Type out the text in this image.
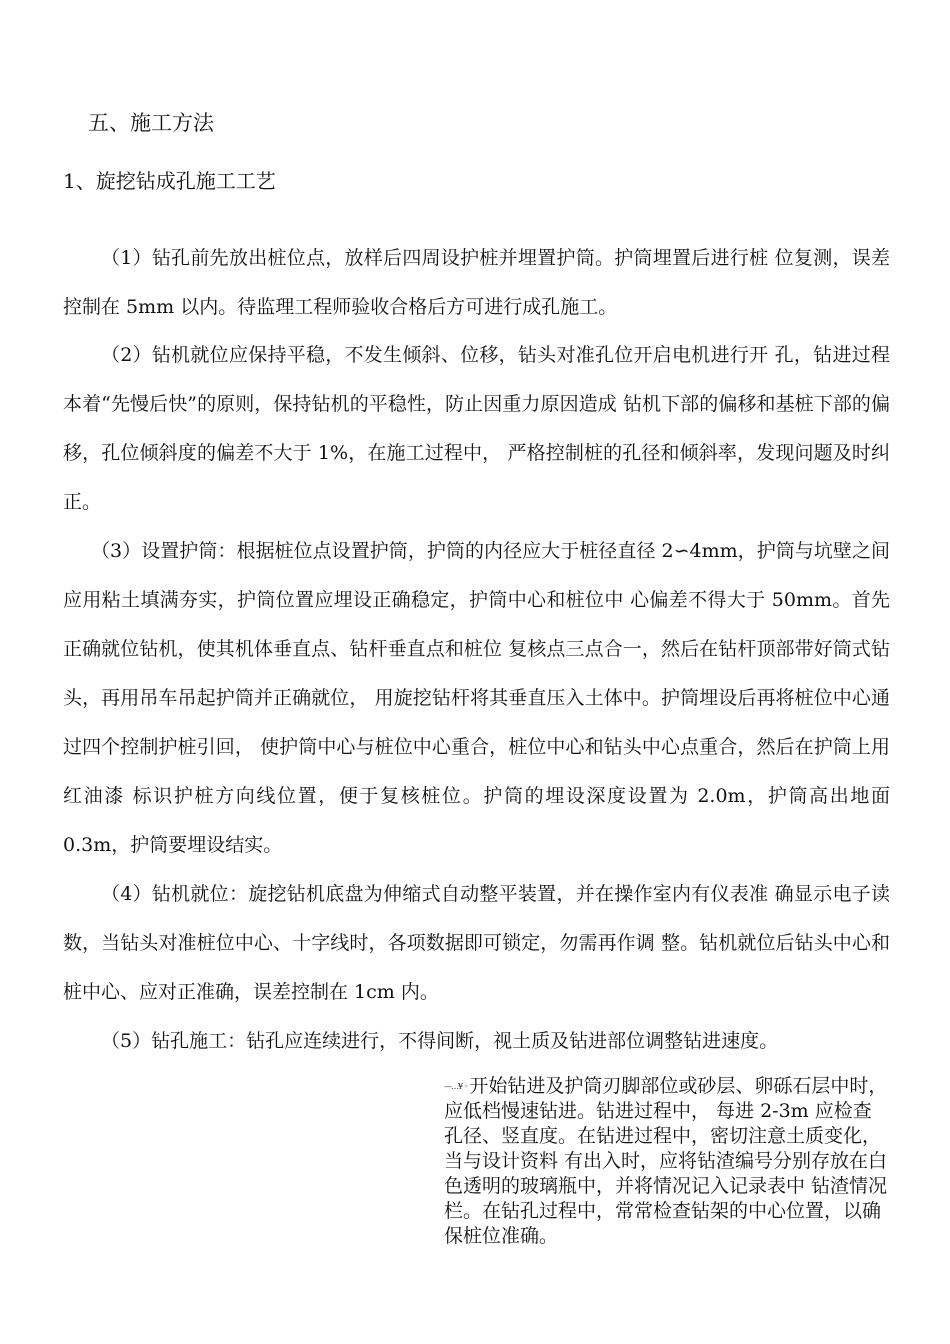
五、施工方法
1、旋挖钻成孔施工工艺

（1）钻孔前先放出桩位点，放样后四周设护桩并埋置护筒。护筒埋置后进行桩 位复测，误差控制在 5mm 以内。待监理工程师验收合格后方可进行成孔施工。

（2）钻机就位应保持平稳，不发生倾斜、位移，钻头对准孔位开启电机进行开 孔，钻进过程本着“先慢后快”的原则，保持钻机的平稳性，防止因重力原因造成 钻机下部的偏移和基桩下部的偏移，孔位倾斜度的偏差不大于 1%，在施工过程中， 严格控制桩的孔径和倾斜率，发现问题及时纠正。

（3）设置护筒：根据桩位点设置护筒，护筒的内径应大于桩径直径 2∽4mm，护筒与坑壁之间应用粘土填满夯实，护筒位置应埋设正确稳定，护筒中心和桩位中 心偏差不得大于 50mm。首先正确就位钻机，使其机体垂直点、钻杆垂直点和桩位 复核点三点合一，然后在钻杆顶部带好筒式钻头，再用吊车吊起护筒并正确就位， 用旋挖钻杆将其垂直压入土体中。护筒埋设后再将桩位中心通过四个控制护桩引回， 使护筒中心与桩位中心重合，桩位中心和钻头中心点重合，然后在护筒上用红油漆 标识护桩方向线位置，便于复核桩位。护筒的埋设深度设置为 2.0m，护筒高出地面 0.3m，护筒要埋设结实。

（4）钻机就位：旋挖钻机底盘为伸缩式自动整平装置，并在操作室内有仪表准 确显示电子读数，当钻头对准桩位中心、十字线时，各项数据即可锁定，勿需再作调 整。钻机就位后钻头中心和桩中心、应对正准确，误差控制在 1cm 内。

（5）钻孔施工：钻孔应连续进行，不得间断，视土质及钻进部位调整钻进速度。

—…¥ ◦ 开始钻进及护筒刃脚部位或砂层、卵砾石层中时，应低档慢速钻进。钻进过程中， 每进 2-3m 应检查孔径、竖直度。在钻进过程中，密切注意土质变化，当与设计资料 有出入时，应将钻渣编号分别存放在白色透明的玻璃瓶中，并将情况记入记录表中 钻渣情况栏。在钻孔过程中，常常检查钻架的中心位置，以确保桩位准确。
